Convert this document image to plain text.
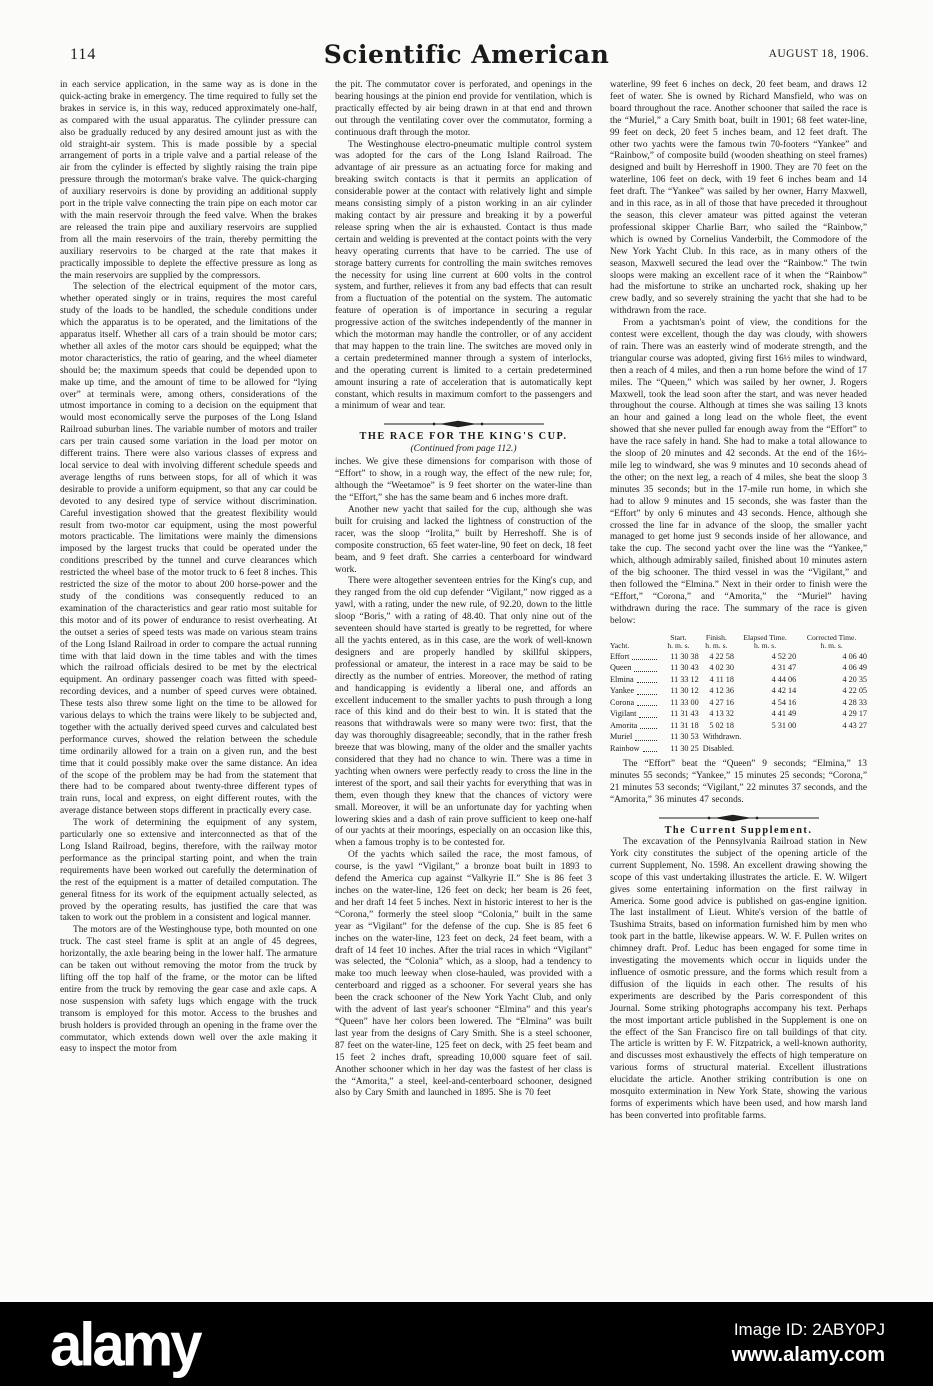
114	Scientific American	AUGUST 18, 1906.

in each service application, in the same way as is done in the quick-acting brake in emergency. The time required to fully set the brakes in service is, in this way, reduced approximately one-half, as compared with the usual apparatus. The cylinder pressure can also be gradually reduced by any desired amount just as with the old straight-air system. This is made possible by a special arrangement of ports in a triple valve and a partial release of the air from the cylinder is effected by slightly raising the train pipe pressure through the motorman's brake valve. The quick-charging of auxiliary reservoirs is done by providing an additional supply port in the triple valve connecting the train pipe on each motor car with the main reservoir through the feed valve. When the brakes are released the train pipe and auxiliary reservoirs are supplied from all the main reservoirs of the train, thereby permitting the auxiliary reservoirs to be charged at the rate that makes it practically impossible to deplete the effective pressure as long as the main reservoirs are supplied by the compressors.

The selection of the electrical equipment of the motor cars, whether operated singly or in trains, requires the most careful study of the loads to be handled, the schedule conditions under which the apparatus is to be operated, and the limitations of the apparatus itself. Whether all cars of a train should be motor cars; whether all axles of the motor cars should be equipped; what the motor characteristics, the ratio of gearing, and the wheel diameter should be; the maximum speeds that could be depended upon to make up time, and the amount of time to be allowed for “lying over” at terminals were, among others, considerations of the utmost importance in coming to a decision on the equipment that would most economically serve the purposes of the Long Island Railroad suburban lines. The variable number of motors and trailer cars per train caused some variation in the load per motor on different trains. There were also various classes of express and local service to deal with involving different schedule speeds and average lengths of runs between stops, for all of which it was desirable to provide a uniform equipment, so that any car could be devoted to any desired type of service without discrimination. Careful investigation showed that the greatest flexibility would result from two-motor car equipment, using the most powerful motors practicable. The limitations were mainly the dimensions imposed by the largest trucks that could be operated under the conditions prescribed by the tunnel and curve clearances which restricted the wheel base of the motor truck to 6 feet 8 inches. This restricted the size of the motor to about 200 horse-power and the study of the conditions was consequently reduced to an examination of the characteristics and gear ratio most suitable for this motor and of its power of endurance to resist overheating. At the outset a series of speed tests was made on various steam trains of the Long Island Railroad in order to compare the actual running time with that laid down in the time tables and with the times which the railroad officials desired to be met by the electrical equipment. An ordinary passenger coach was fitted with speed-recording devices, and a number of speed curves were obtained. These tests also threw some light on the time to be allowed for various delays to which the trains were likely to be subjected and, together with the actually derived speed curves and calculated best performance curves, showed the relation between the schedule time ordinarily allowed for a train on a given run, and the best time that it could possibly make over the same distance. An idea of the scope of the problem may be had from the statement that there had to be compared about twenty-three different types of train runs, local and express, on eight different routes, with the average distance between stops different in practically every case.

The work of determining the equipment of any system, particularly one so extensive and interconnected as that of the Long Island Railroad, begins, therefore, with the railway motor performance as the principal starting point, and when the train requirements have been worked out carefully the determination of the rest of the equipment is a matter of detailed computation. The general fitness for its work of the equipment actually selected, as proved by the operating results, has justified the care that was taken to work out the problem in a consistent and logical manner.

The motors are of the Westinghouse type, both mounted on one truck. The cast steel frame is split at an angle of 45 degrees, horizontally, the axle bearing being in the lower half. The armature can be taken out without removing the motor from the truck by lifting off the top half of the frame, or the motor can be lifted entire from the truck by removing the gear case and axle caps. A nose suspension with safety lugs which engage with the truck transom is employed for this motor. Access to the brushes and brush holders is provided through an opening in the frame over the commutator, which extends down well over the axle making it easy to inspect the motor from

the pit. The commutator cover is perforated, and openings in the bearing housings at the pinion end provide for ventilation, which is practically effected by air being drawn in at that end and thrown out through the ventilating cover over the commutator, forming a continuous draft through the motor.

The Westinghouse electro-pneumatic multiple control system was adopted for the cars of the Long Island Railroad. The advantage of air pressure as an actuating force for making and breaking switch contacts is that it permits an application of considerable power at the contact with relatively light and simple means consisting simply of a piston working in an air cylinder making contact by air pressure and breaking it by a powerful release spring when the air is exhausted. Contact is thus made certain and welding is prevented at the contact points with the very heavy operating currents that have to be carried. The use of storage battery currents for controlling the main switches removes the necessity for using line current at 600 volts in the control system, and further, relieves it from any bad effects that can result from a fluctuation of the potential on the system. The automatic feature of operation is of importance in securing a regular progressive action of the switches independently of the manner in which the motorman may handle the controller, or of any accident that may happen to the train line. The switches are moved only in a certain predetermined manner through a system of interlocks, and the operating current is limited to a certain predetermined amount insuring a rate of acceleration that is automatically kept constant, which results in maximum comfort to the passengers and a minimum of wear and tear.

THE RACE FOR THE KING'S CUP.
(Continued from page 112.)

inches. We give these dimensions for comparison with those of “Effort” to show, in a rough way, the effect of the new rule; for, although the “Weetamoe” is 9 feet shorter on the water-line than the “Effort,” she has the same beam and 6 inches more draft.

Another new yacht that sailed for the cup, although she was built for cruising and lacked the lightness of construction of the racer, was the sloop “Irolita,” built by Herreshoff. She is of composite construction, 65 feet water-line, 90 feet on deck, 18 feet beam, and 9 feet draft. She carries a centerboard for windward work.

There were altogether seventeen entries for the King's cup, and they ranged from the old cup defender “Vigilant,” now rigged as a yawl, with a rating, under the new rule, of 92.20, down to the little sloop “Boris,” with a rating of 48.40. That only nine out of the seventeen should have started is greatly to be regretted, for where all the yachts entered, as in this case, are the work of well-known designers and are properly handled by skillful skippers, professional or amateur, the interest in a race may be said to be directly as the number of entries. Moreover, the method of rating and handicapping is evidently a liberal one, and affords an excellent inducement to the smaller yachts to push through a long race of this kind and do their best to win. It is stated that the reasons that withdrawals were so many were two: first, that the day was thoroughly disagreeable; secondly, that in the rather fresh breeze that was blowing, many of the older and the smaller yachts considered that they had no chance to win. There was a time in yachting when owners were perfectly ready to cross the line in the interest of the sport, and sail their yachts for everything that was in them, even though they knew that the chances of victory were small. Moreover, it will be an unfortunate day for yachting when lowering skies and a dash of rain prove sufficient to keep one-half of our yachts at their moorings, especially on an occasion like this, when a famous trophy is to be contested for.

Of the yachts which sailed the race, the most famous, of course, is the yawl “Vigilant,” a bronze boat built in 1893 to defend the America cup against “Valkyrie II.” She is 86 feet 3 inches on the water-line, 126 feet on deck; her beam is 26 feet, and her draft 14 feet 5 inches. Next in historic interest to her is the “Corona,” formerly the steel sloop “Colonia,” built in the same year as “Vigilant” for the defense of the cup. She is 85 feet 6 inches on the water-line, 123 feet on deck, 24 feet beam, with a draft of 14 feet 10 inches. After the trial races in which “Vigilant” was selected, the “Colonia” which, as a sloop, had a tendency to make too much leeway when close-hauled, was provided with a centerboard and rigged as a schooner. For several years she has been the crack schooner of the New York Yacht Club, and only with the advent of last year's schooner “Elmina” and this year's “Queen” have her colors been lowered. The “Elmina” was built last year from the designs of Cary Smith. She is a steel schooner, 87 feet on the water-line, 125 feet on deck, with 25 feet beam and 15 feet 2 inches draft, spreading 10,000 square feet of sail. Another schooner which in her day was the fastest of her class is the “Amorita,” a steel, keel-and-centerboard schooner, designed also by Cary Smith and launched in 1895. She is 70 feet

waterline, 99 feet 6 inches on deck, 20 feet beam, and draws 12 feet of water. She is owned by Richard Mansfield, who was on board throughout the race. Another schooner that sailed the race is the “Muriel,” a Cary Smith boat, built in 1901; 68 feet water-line, 99 feet on deck, 20 feet 5 inches beam, and 12 feet draft. The other two yachts were the famous twin 70-footers “Yankee” and “Rainbow,” of composite build (wooden sheathing on steel frames) designed and built by Herreshoff in 1900. They are 70 feet on the waterline, 106 feet on deck, with 19 feet 6 inches beam and 14 feet draft. The “Yankee” was sailed by her owner, Harry Maxwell, and in this race, as in all of those that have preceded it throughout the season, this clever amateur was pitted against the veteran professional skipper Charlie Barr, who sailed the “Rainbow,” which is owned by Cornelius Vanderbilt, the Commodore of the New York Yacht Club. In this race, as in many others of the season, Maxwell secured the lead over the “Rainbow.” The twin sloops were making an excellent race of it when the “Rainbow” had the misfortune to strike an uncharted rock, shaking up her crew badly, and so severely straining the yacht that she had to be withdrawn from the race.

From a yachtsman's point of view, the conditions for the contest were excellent, though the day was cloudy, with showers of rain. There was an easterly wind of moderate strength, and the triangular course was adopted, giving first 16½ miles to windward, then a reach of 4 miles, and then a run home before the wind of 17 miles. The “Queen,” which was sailed by her owner, J. Rogers Maxwell, took the lead soon after the start, and was never headed throughout the course. Although at times she was sailing 13 knots an hour and gained a long lead on the whole fleet, the event showed that she never pulled far enough away from the “Effort” to have the race safely in hand. She had to make a total allowance to the sloop of 20 minutes and 42 seconds. At the end of the 16½-mile leg to windward, she was 9 minutes and 10 seconds ahead of the other; on the next leg, a reach of 4 miles, she beat the sloop 3 minutes 35 seconds; but in the 17-mile run home, in which she had to allow 9 minutes and 15 seconds, she was faster than the “Effort” by only 6 minutes and 43 seconds. Hence, although she crossed the line far in advance of the sloop, the smaller yacht managed to get home just 9 seconds inside of her allowance, and take the cup. The second yacht over the line was the “Yankee,” which, although admirably sailed, finished about 10 minutes astern of the big schooner. The third vessel in was the “Vigilant,” and then followed the “Elmina.” Next in their order to finish were the “Effort,” “Corona,” and “Amorita,” the “Muriel” having withdrawn during the race. The summary of the race is given below:

Yacht.	Start.	Finish.	Elapsed Time.	Corrected Time.
	h. m. s.	h. m. s.	h. m. s.	h. m. s.

Effort	11 30 38	4 22 58	4 52 20	4 06 40

Queen	11 30 43	4 02 30	4 31 47	4 06 49

Elmina	11 33 12	4 11 18	4 44 06	4 20 35

Yankee	11 30 12	4 12 36	4 42 14	4 22 05

Corona	11 33 00	4 27 16	4 54 16	4 28 33

Vigilant	11 31 43	4 13 32	4 41 49	4 29 17

Amorita	11 31 18	5 02 18	5 31 00	4 43 27

Muriel	11 30 53	Withdrawn.		

Rainbow	11 30 25	Disabled.		

The “Effort” beat the “Queen” 9 seconds; “Elmina,” 13 minutes 55 seconds; “Yankee,” 15 minutes 25 seconds; “Corona,” 21 minutes 53 seconds; “Vigilant,” 22 minutes 37 seconds, and the “Amorita,” 36 minutes 47 seconds.

The Current Supplement.

The excavation of the Pennsylvania Railroad station in New York city constitutes the subject of the opening article of the current Supplement, No. 1598. An excellent drawing showing the scope of this vast undertaking illustrates the article. E. W. Wilgert gives some entertaining information on the first railway in America. Some good advice is published on gas-engine ignition. The last installment of Lieut. White's version of the battle of Tsushima Straits, based on information furnished him by men who took part in the battle, likewise appears. W. W. F. Pullen writes on chimney draft. Prof. Leduc has been engaged for some time in investigating the movements which occur in liquids under the influence of osmotic pressure, and the forms which result from a diffusion of the liquids in each other. The results of his experiments are described by the Paris correspondent of this Journal. Some striking photographs accompany his text. Perhaps the most important article published in the Supplement is one on the effect of the San Francisco fire on tall buildings of that city. The article is written by F. W. Fitzpatrick, a well-known authority, and discusses most exhaustively the effects of high temperature on various forms of structural material. Excellent illustrations elucidate the article. Another striking contribution is one on mosquito extermination in New York State, showing the various forms of experiments which have been used, and how marsh land has been converted into profitable farms.

alamy	Image ID: 2ABY0PJ
www.alamy.com
